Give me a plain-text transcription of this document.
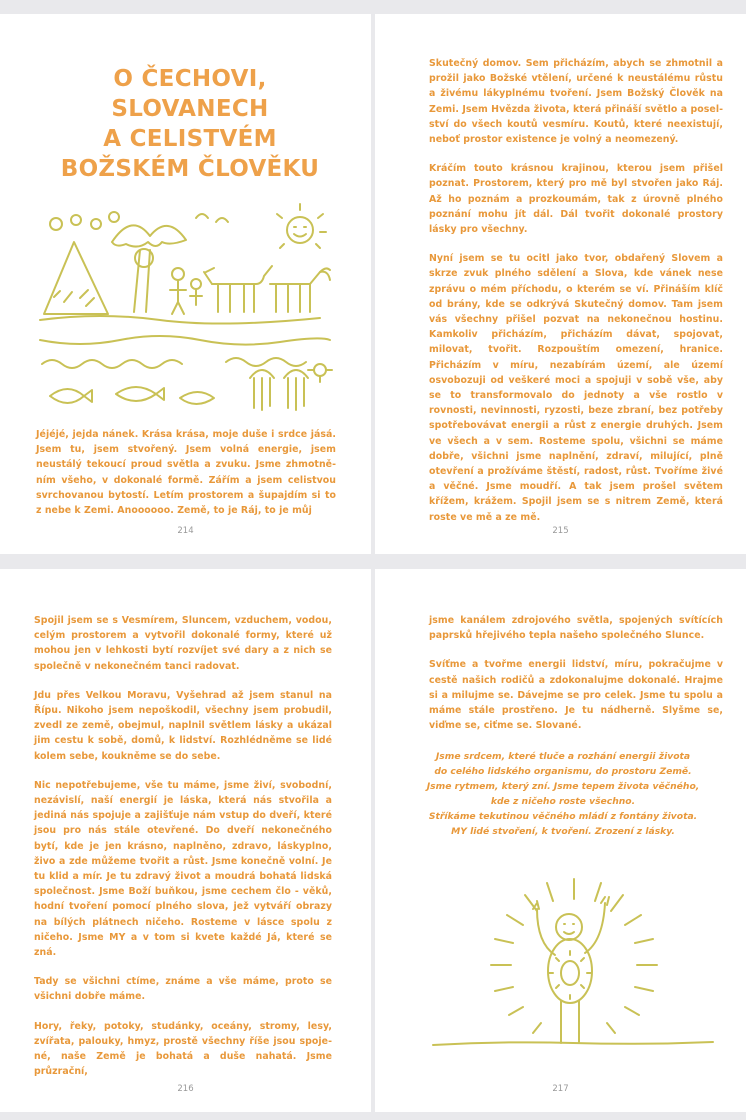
O ČECHOVI,
SLOVANECH
A CELISTVÉM
BOŽSKÉM ČLOVĚKU

Jéjéjé, jejda nánek. Krása krása, moje duše i srdce jásá. Jsem tu, jsem stvořený. Jsem volná energie, jsem neustálý tekoucí proud světla a zvuku. Jsme zhmotněním všeho, v dokonalé formě. Zářím a jsem celistvou svrchovanou bytostí. Letím prostorem a šupajdím si to z nebe k Zemi. Anoooooo. Země, to je Ráj, to je můj

214

Skutečný domov. Sem přicházím, abych se zhmotnil a prožil jako Božské vtělení, určené k neustálému růstu a živému lákyplnému tvoření. Jsem Božský Člověk na Zemi. Jsem Hvězda života, která přináší světlo a poselství do všech koutů vesmíru. Koutů, které neexistují, neboť prostor existence je volný a neomezený.

Kráčím touto krásnou krajinou, kterou jsem přišel poznat. Prostorem, který pro mě byl stvořen jako Ráj. Až ho poznám a prozkoumám, tak z úrovně plného poznání mohu jít dál. Dál tvořit dokonalé prostory lásky pro všechny.

Nyní jsem se tu ocitl jako tvor, obdařený Slovem a skrze zvuk plného sdělení a Slova, kde vánek nese zprávu o mém příchodu, o kterém se ví. Přináším klíč od brány, kde se odkrývá Skutečný domov. Tam jsem vás všechny přišel pozvat na nekonečnou hostinu. Kamkoliv přicházím, přicházím dávat, spojovat, milovat, tvořit. Rozpouštím omezení, hranice. Přicházím v míru, nezabírám území, ale území osvobozuji od veškeré moci a spojuji v sobě vše, aby se to transformovalo do jednoty a vše rostlo v rovnosti, nevinnosti, ryzosti, beze zbraní, bez potřeby spotřebovávat energii a růst z energie druhých. Jsem ve všech a v sem. Rosteme spolu, všichni se máme dobře, všichni jsme naplnění, zdraví, milující, plně otevření a prožíváme štěstí, radost, růst. Tvoříme živé a věčné. Jsme moudří. A tak jsem prošel světem křížem, krážem. Spojil jsem se s nitrem Země, která roste ve mě a ze mě.

215

Spojil jsem se s Vesmírem, Sluncem, vzduchem, vodou, celým prostorem a vytvořil dokonalé formy, které už mohou jen v lehkosti bytí rozvíjet své dary a z nich se společně v nekonečném tanci radovat.

Jdu přes Velkou Moravu, Vyšehrad až jsem stanul na Řípu. Nikoho jsem nepoškodil, všechny jsem probudil, zvedl ze země, obejmul, naplnil světlem lásky a ukázal jim cestu k sobě, domů, k lidství. Rozhlédněme se lidé kolem sebe, koukněme se do sebe.

Nic nepotřebujeme, vše tu máme, jsme živí, svobodní, nezávislí, naší energií je láska, která nás stvořila a jediná nás spojuje a zajišťuje nám vstup do dveří, které jsou pro nás stále otevřené. Do dveří nekonečného bytí, kde je jen krásno, naplněno, zdravo, láskyplno, živo a zde můžeme tvořit a růst. Jsme konečně volní. Je tu klid a mír. Je tu zdravý život a moudrá bohatá lidská společnost. Jsme Boží buňkou, jsme cechem člo - věků, hodní tvoření pomocí plného slova, jež vytváří obrazy na bílých plátnech ničeho. Rosteme v lásce spolu z ničeho. Jsme MY a v tom si kvete každé Já, které se zná.

Tady se všichni ctíme, známe a vše máme, proto se všichni dobře máme.

Hory, řeky, potoky, studánky, oceány, stromy, lesy, zvířata, palouky, hmyz, prostě všechny říše jsou spojené, naše Země je bohatá a duše nahatá. Jsme průzrační,

216

jsme kanálem zdrojového světla, spojených svítících paprsků hřejivého tepla našeho společného Slunce.

Svíťme a tvořme energii lidství, míru, pokračujme v cestě našich rodičů a zdokonalujme dokonalé. Hrajme si a milujme se. Dávejme se pro celek. Jsme tu spolu a máme stále prostřeno. Je tu nádherně. Slyšme se, viďme se, ciťme se. Slované.

Jsme srdcem, které tluče a rozhání energii života
do celého lidského organismu, do prostoru Země.
Jsme rytmem, který zní. Jsme tepem života věčného,
kde z ničeho roste všechno.
Stříkáme tekutinou věčného mládí z fontány života.
MY lidé stvoření, k tvoření. Zrození z lásky.
217
